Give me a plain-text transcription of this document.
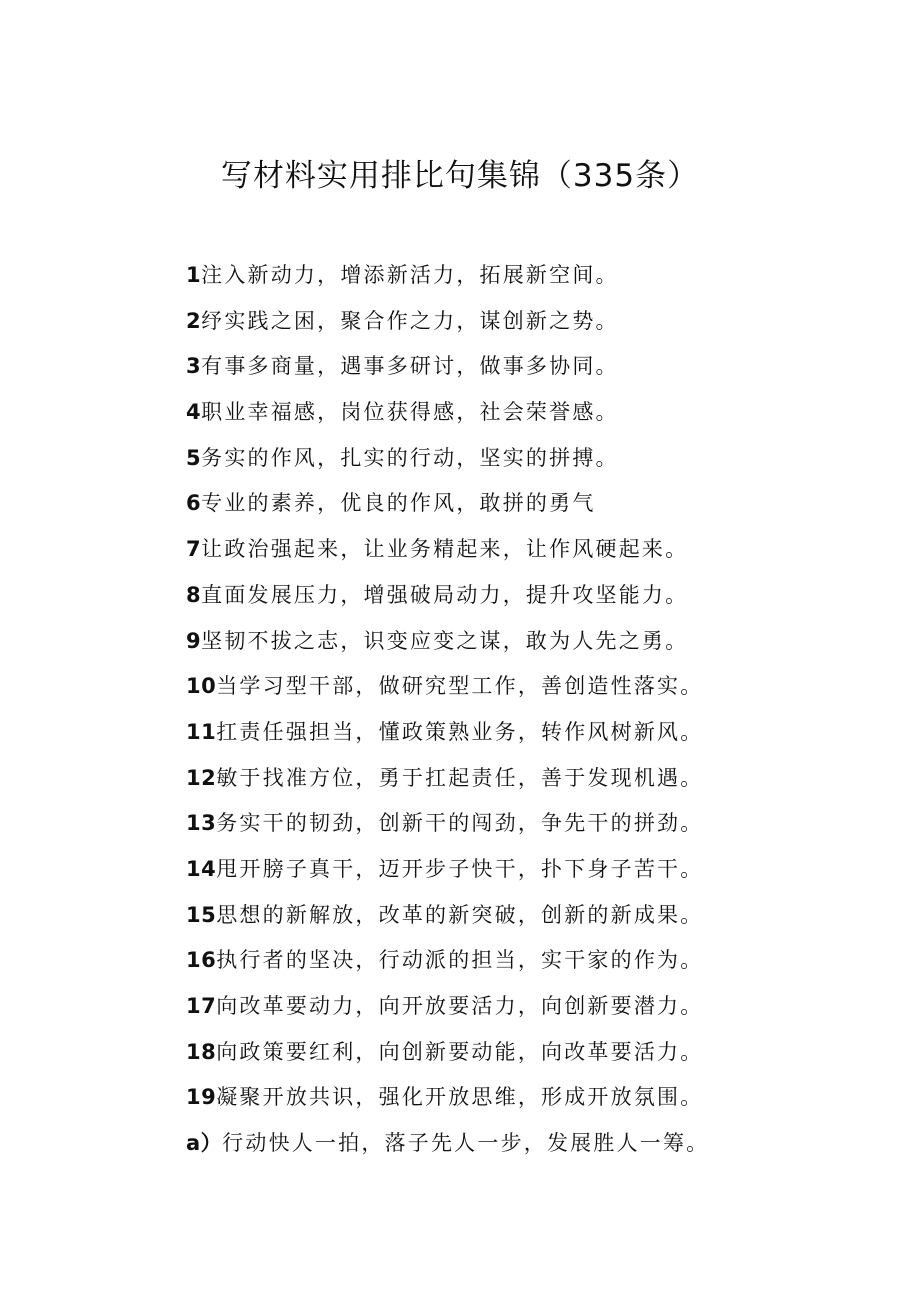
写材料实用排比句集锦（335条）
1注入新动力，增添新活力，拓展新空间。
2纾实践之困，聚合作之力，谋创新之势。
3有事多商量，遇事多研讨，做事多协同。
4职业幸福感，岗位获得感，社会荣誉感。
5务实的作风，扎实的行动，坚实的拼搏。
6专业的素养，优良的作风，敢拼的勇气
7让政治强起来，让业务精起来，让作风硬起来。
8直面发展压力，增强破局动力，提升攻坚能力。
9坚韧不拔之志，识变应变之谋，敢为人先之勇。
10当学习型干部，做研究型工作，善创造性落实。
11扛责任强担当，懂政策熟业务，转作风树新风。
12敏于找准方位，勇于扛起责任，善于发现机遇。
13务实干的韧劲，创新干的闯劲，争先干的拼劲。
14甩开膀子真干，迈开步子快干，扑下身子苦干。
15思想的新解放，改革的新突破，创新的新成果。
16执行者的坚决，行动派的担当，实干家的作为。
17向改革要动力，向开放要活力，向创新要潜力。
18向政策要红利，向创新要动能，向改革要活力。
19凝聚开放共识，强化开放思维，形成开放氛围。
a）行动快人一拍，落子先人一步，发展胜人一筹。
